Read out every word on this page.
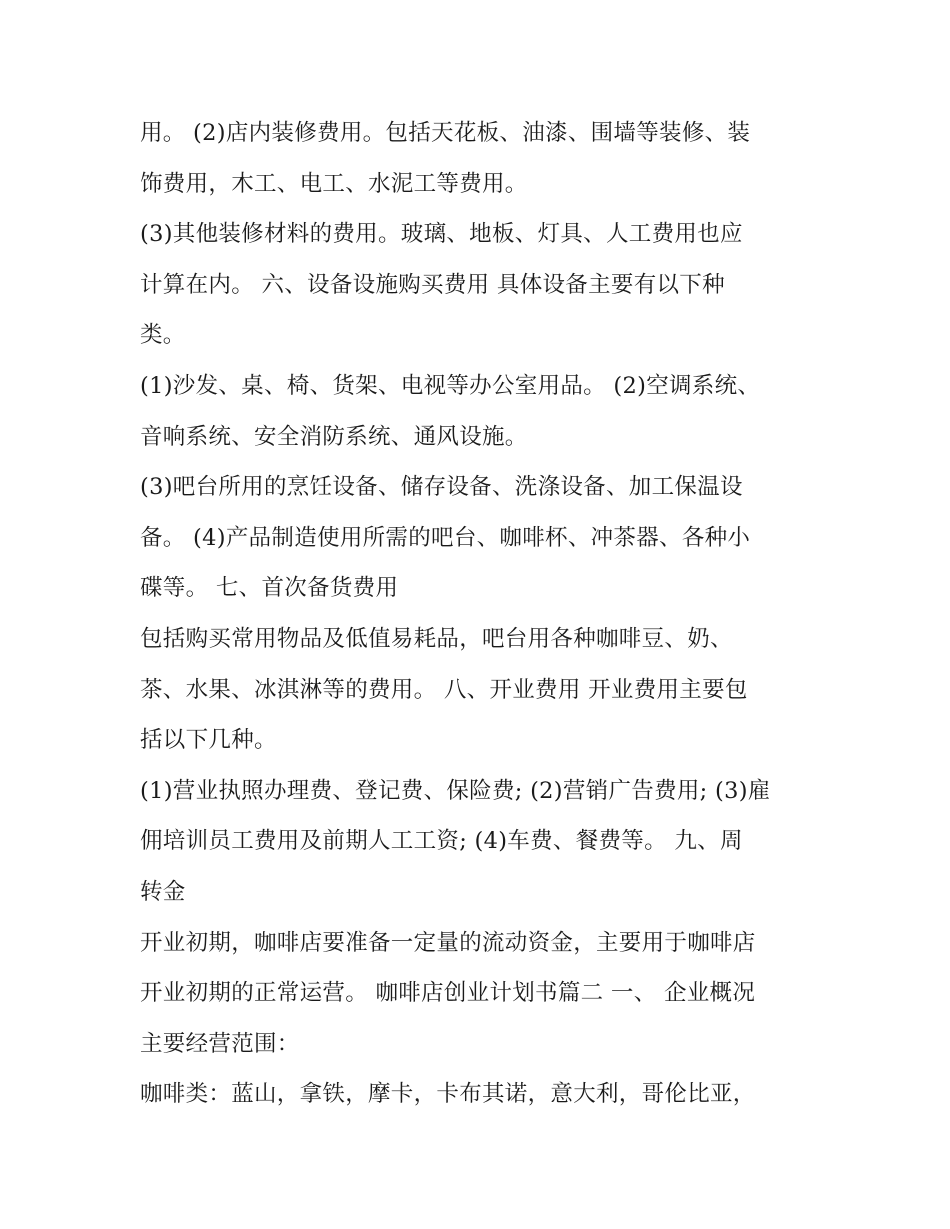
用。 (2)店内装修费用。包括天花板、油漆、围墙等装修、装
饰费用，木工、电工、水泥工等费用。
(3)其他装修材料的费用。玻璃、地板、灯具、人工费用也应
计算在内。 六、设备设施购买费用 具体设备主要有以下种
类。
(1)沙发、桌、椅、货架、电视等办公室用品。 (2)空调系统、
音响系统、安全消防系统、通风设施。
(3)吧台所用的烹饪设备、储存设备、洗涤设备、加工保温设
备。 (4)产品制造使用所需的吧台、咖啡杯、冲茶器、各种小
碟等。 七、首次备货费用
包括购买常用物品及低值易耗品，吧台用各种咖啡豆、奶、
茶、水果、冰淇淋等的费用。 八、开业费用 开业费用主要包
括以下几种。
(1)营业执照办理费、登记费、保险费; (2)营销广告费用; (3)雇
佣培训员工费用及前期人工工资; (4)车费、餐费等。 九、周
转金
开业初期，咖啡店要准备一定量的流动资金，主要用于咖啡店
开业初期的正常运营。 咖啡店创业计划书篇二 一、 企业概况
主要经营范围：
咖啡类：蓝山，拿铁，摩卡，卡布其诺，意大利，哥伦比亚，
